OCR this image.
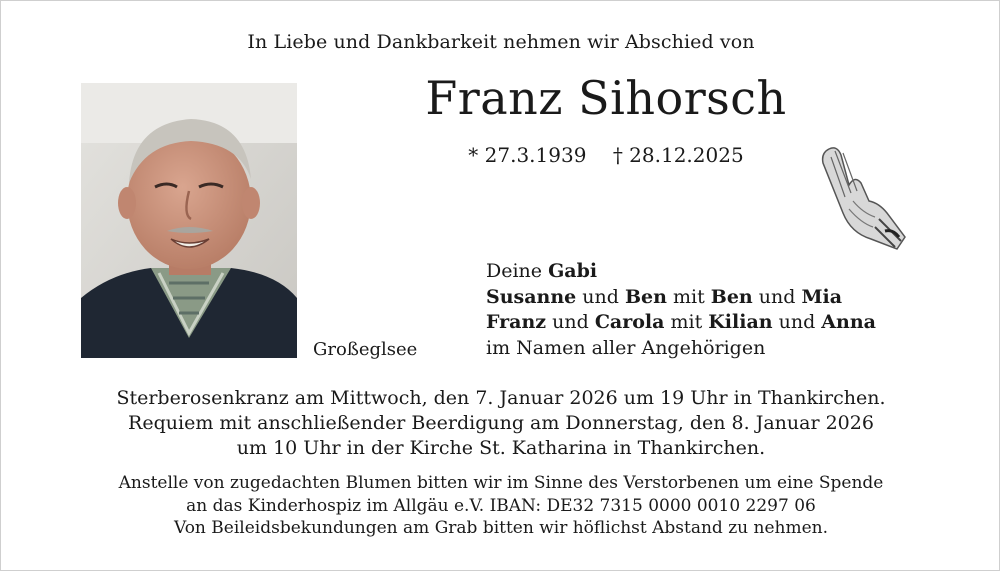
In Liebe und Dankbarkeit nehmen wir Abschied von
Franz Sihorsch
* 27.3.1939 † 28.12.2025
Großeglsee
Deine Gabi
Susanne und Ben mit Ben und Mia
Franz und Carola mit Kilian und Anna
im Namen aller Angehörigen
Sterberosenkranz am Mittwoch, den 7. Januar 2026 um 19 Uhr in Thankirchen.
Requiem mit anschließender Beerdigung am Donnerstag, den 8. Januar 2026
um 10 Uhr in der Kirche St. Katharina in Thankirchen.
Anstelle von zugedachten Blumen bitten wir im Sinne des Verstorbenen um eine Spende
an das Kinderhospiz im Allgäu e.V. IBAN: DE32 7315 0000 0010 2297 06
Von Beileidsbekundungen am Grab bitten wir höflichst Abstand zu nehmen.
